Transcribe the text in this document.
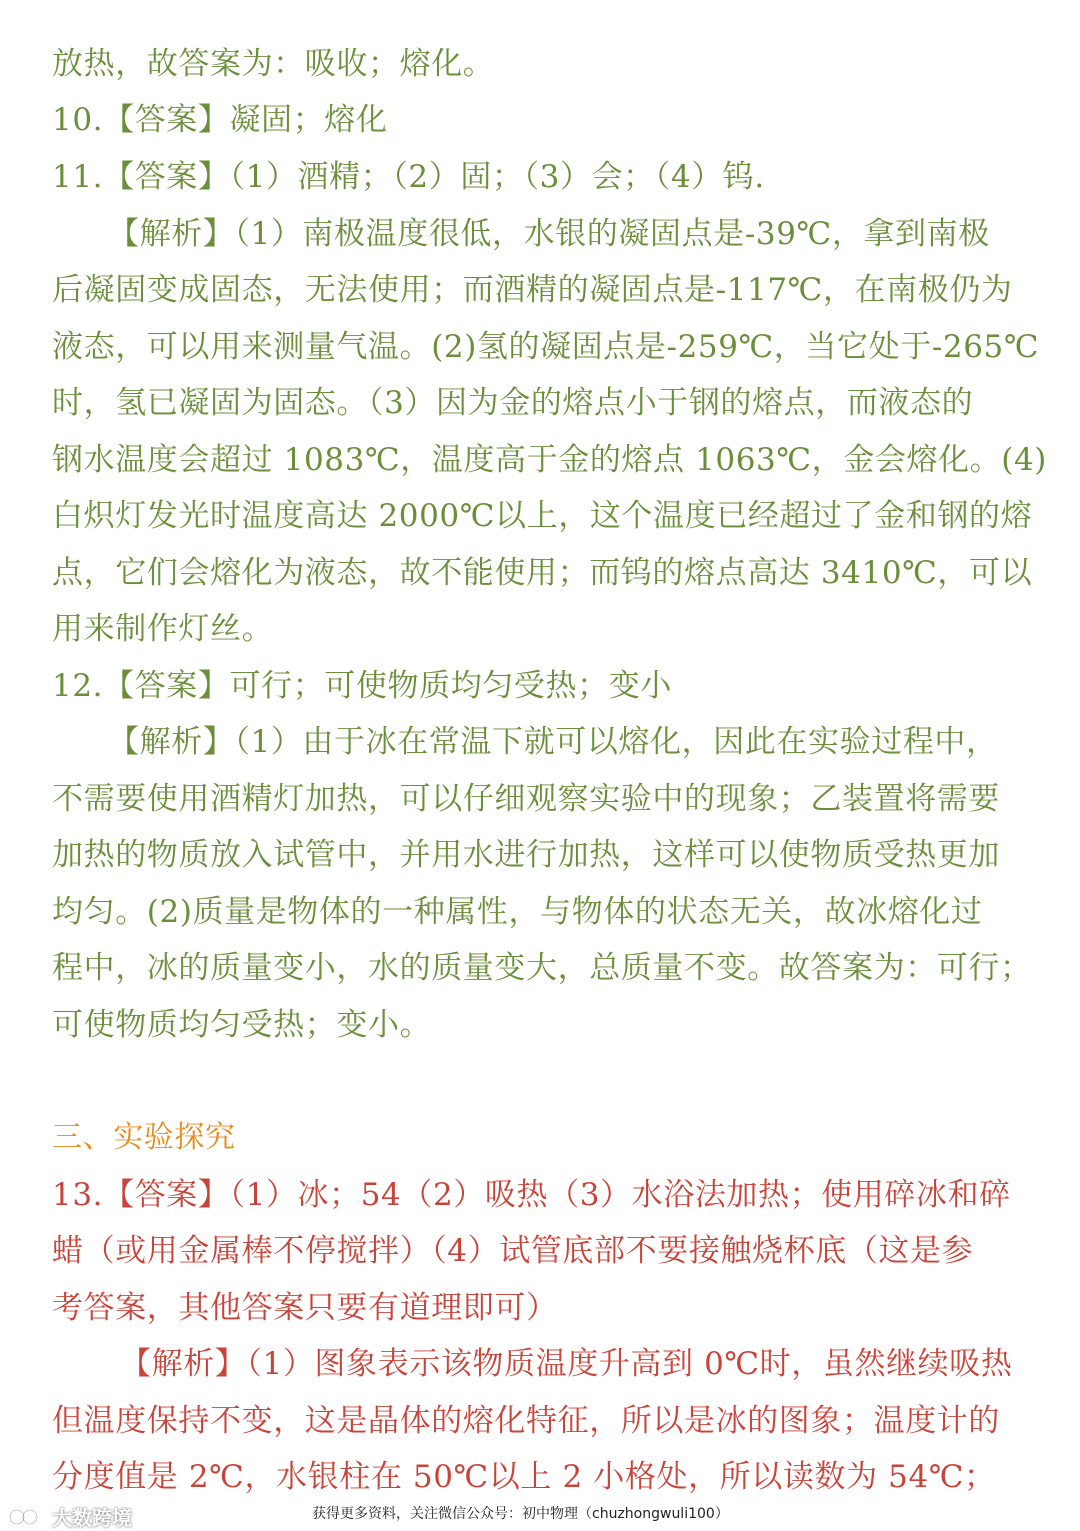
放热，故答案为：吸收；熔化。
10.【答案】凝固；熔化
11.【答案】（1）酒精；（2）固；（3）会；（4）钨.
【解析】（1）南极温度很低，水银的凝固点是-39℃，拿到南极
后凝固变成固态，无法使用；而酒精的凝固点是-117℃，在南极仍为
液态，可以用来测量气温。(2)氢的凝固点是-259℃，当它处于-265℃
时，氢已凝固为固态。（3）因为金的熔点小于钢的熔点，而液态的
钢水温度会超过 1083℃，温度高于金的熔点 1063℃，金会熔化。(4)
白炽灯发光时温度高达 2000℃以上，这个温度已经超过了金和钢的熔
点，它们会熔化为液态，故不能使用；而钨的熔点高达 3410℃，可以
用来制作灯丝。
12.【答案】可行；可使物质均匀受热；变小
【解析】（1）由于冰在常温下就可以熔化，因此在实验过程中，
不需要使用酒精灯加热，可以仔细观察实验中的现象；乙装置将需要
加热的物质放入试管中，并用水进行加热，这样可以使物质受热更加
均匀。(2)质量是物体的一种属性，与物体的状态无关，故冰熔化过
程中，冰的质量变小，水的质量变大，总质量不变。故答案为：可行；
可使物质均匀受热；变小。
三、实验探究
13.【答案】（1）冰；54（2）吸热（3）水浴法加热；使用碎冰和碎
蜡（或用金属棒不停搅拌）（4）试管底部不要接触烧杯底（这是参
考答案，其他答案只要有道理即可）
【解析】（1）图象表示该物质温度升高到 0℃时，虽然继续吸热
但温度保持不变，这是晶体的熔化特征，所以是冰的图象；温度计的
分度值是 2℃，水银柱在 50℃以上 2 小格处，所以读数为 54℃；
大数跨境	获得更多资料，关注微信公众号：初中物理（chuzhongwuli100）
